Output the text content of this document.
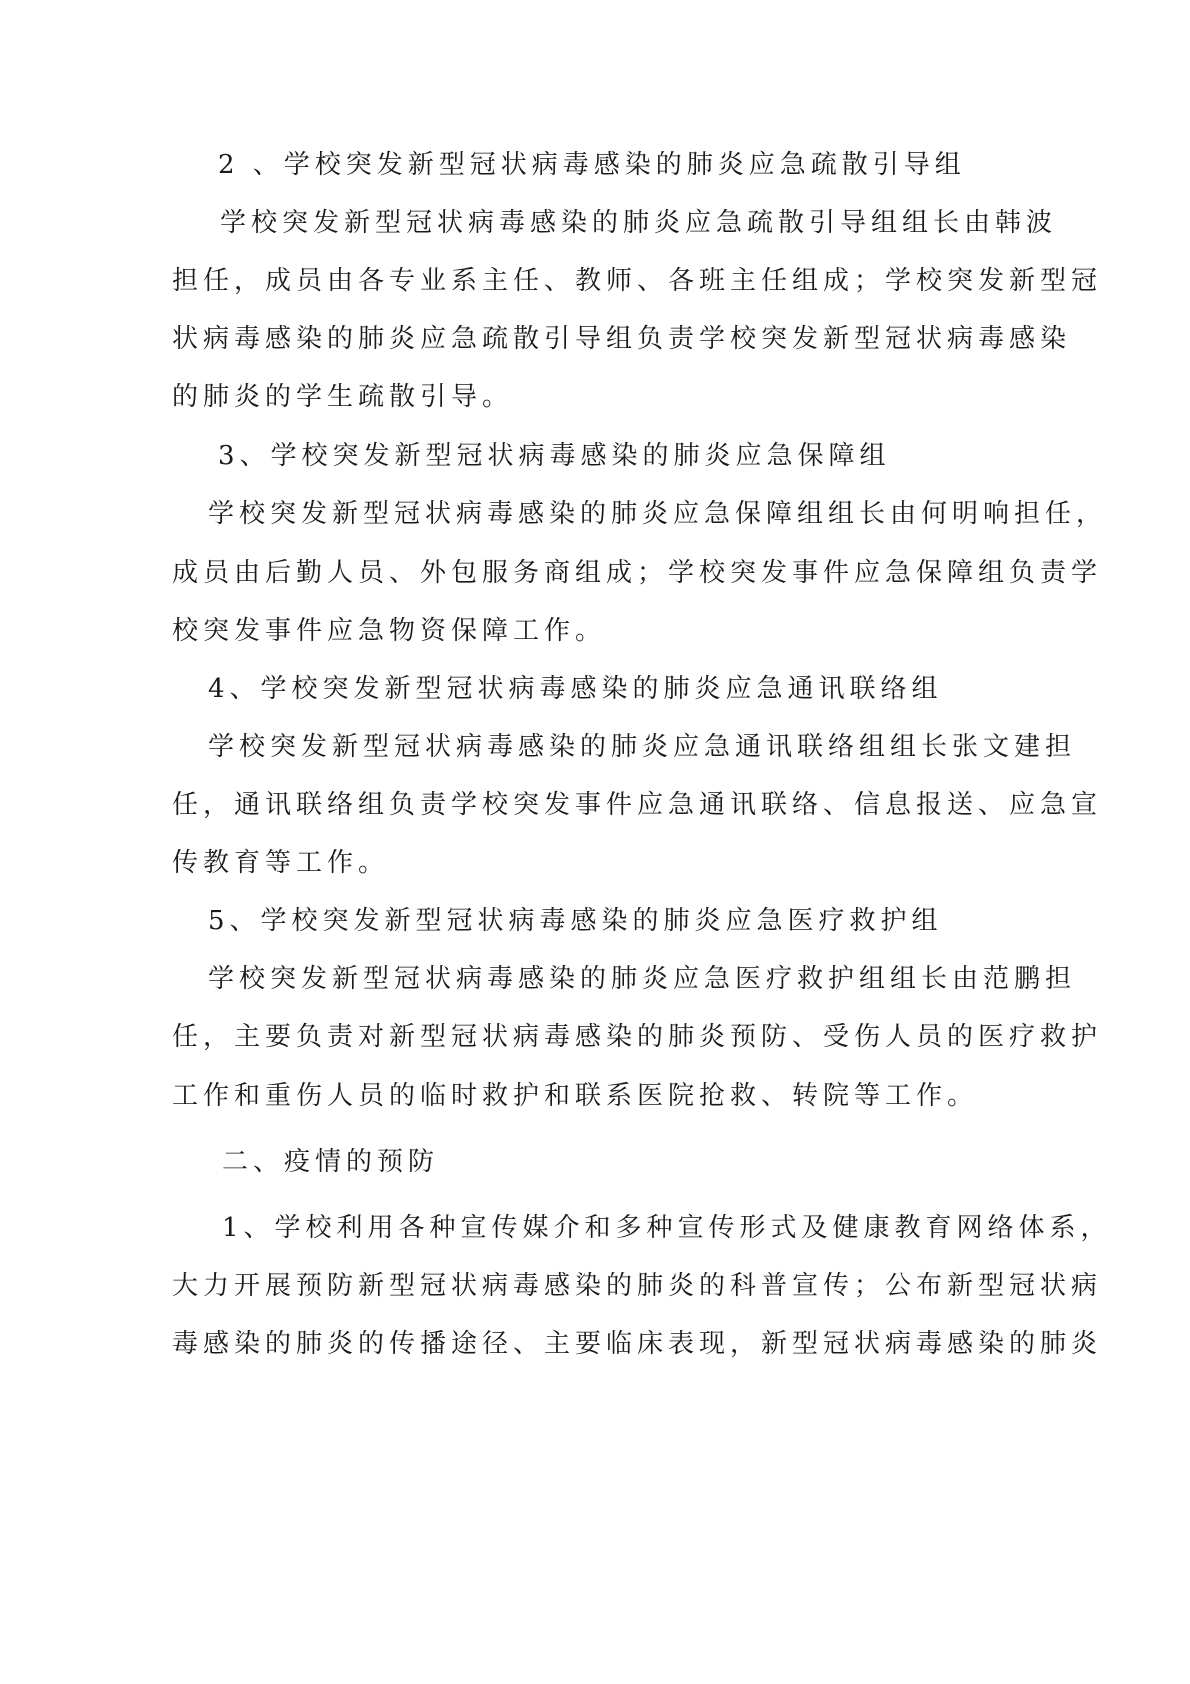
2 、学校突发新型冠状病毒感染的肺炎应急疏散引导组
学校突发新型冠状病毒感染的肺炎应急疏散引导组组长由韩波
担任，成员由各专业系主任、教师、各班主任组成；学校突发新型冠
状病毒感染的肺炎应急疏散引导组负责学校突发新型冠状病毒感染
的肺炎的学生疏散引导。
3、学校突发新型冠状病毒感染的肺炎应急保障组
学校突发新型冠状病毒感染的肺炎应急保障组组长由何明响担任，
成员由后勤人员、外包服务商组成；学校突发事件应急保障组负责学
校突发事件应急物资保障工作。
4、学校突发新型冠状病毒感染的肺炎应急通讯联络组
学校突发新型冠状病毒感染的肺炎应急通讯联络组组长张文建担
任，通讯联络组负责学校突发事件应急通讯联络、信息报送、应急宣
传教育等工作。
5、学校突发新型冠状病毒感染的肺炎应急医疗救护组
学校突发新型冠状病毒感染的肺炎应急医疗救护组组长由范鹏担
任，主要负责对新型冠状病毒感染的肺炎预防、受伤人员的医疗救护
工作和重伤人员的临时救护和联系医院抢救、转院等工作。
二、疫情的预防
1、学校利用各种宣传媒介和多种宣传形式及健康教育网络体系，
大力开展预防新型冠状病毒感染的肺炎的科普宣传；公布新型冠状病
毒感染的肺炎的传播途径、主要临床表现，新型冠状病毒感染的肺炎
